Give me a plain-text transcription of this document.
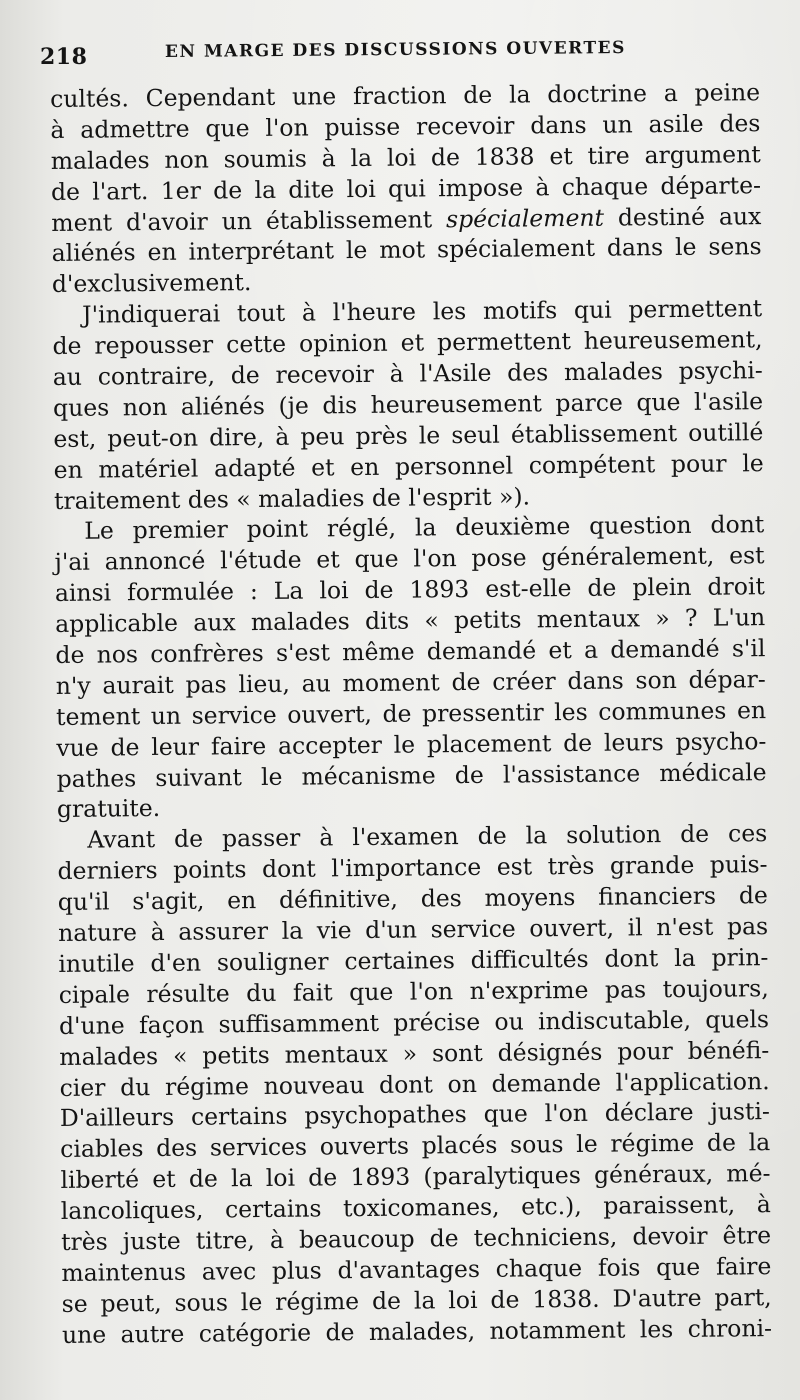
218	EN MARGE DES DISCUSSIONS OUVERTES
cultés. Cependant une fraction de la doctrine a peine
à admettre que l'on puisse recevoir dans un asile des
malades non soumis à la loi de 1838 et tire argument
de l'art. 1er de la dite loi qui impose à chaque départe-
ment d'avoir un établissement spécialement destiné aux
aliénés en interprétant le mot spécialement dans le sens
d'exclusivement.
J'indiquerai tout à l'heure les motifs qui permettent
de repousser cette opinion et permettent heureusement,
au contraire, de recevoir à l'Asile des malades psychi-
ques non aliénés (je dis heureusement parce que l'asile
est, peut-on dire, à peu près le seul établissement outillé
en matériel adapté et en personnel compétent pour le
traitement des « maladies de l'esprit »).
Le premier point réglé, la deuxième question dont
j'ai annoncé l'étude et que l'on pose généralement, est
ainsi formulée : La loi de 1893 est-elle de plein droit
applicable aux malades dits « petits mentaux » ? L'un
de nos confrères s'est même demandé et a demandé s'il
n'y aurait pas lieu, au moment de créer dans son dépar-
tement un service ouvert, de pressentir les communes en
vue de leur faire accepter le placement de leurs psycho-
pathes suivant le mécanisme de l'assistance médicale
gratuite.
Avant de passer à l'examen de la solution de ces
derniers points dont l'importance est très grande puis-
qu'il s'agit, en définitive, des moyens financiers de
nature à assurer la vie d'un service ouvert, il n'est pas
inutile d'en souligner certaines difficultés dont la prin-
cipale résulte du fait que l'on n'exprime pas toujours,
d'une façon suffisamment précise ou indiscutable, quels
malades « petits mentaux » sont désignés pour bénéfi-
cier du régime nouveau dont on demande l'application.
D'ailleurs certains psychopathes que l'on déclare justi-
ciables des services ouverts placés sous le régime de la
liberté et de la loi de 1893 (paralytiques généraux, mé-
lancoliques, certains toxicomanes, etc.), paraissent, à
très juste titre, à beaucoup de techniciens, devoir être
maintenus avec plus d'avantages chaque fois que faire
se peut, sous le régime de la loi de 1838. D'autre part,
une autre catégorie de malades, notamment les chroni-
